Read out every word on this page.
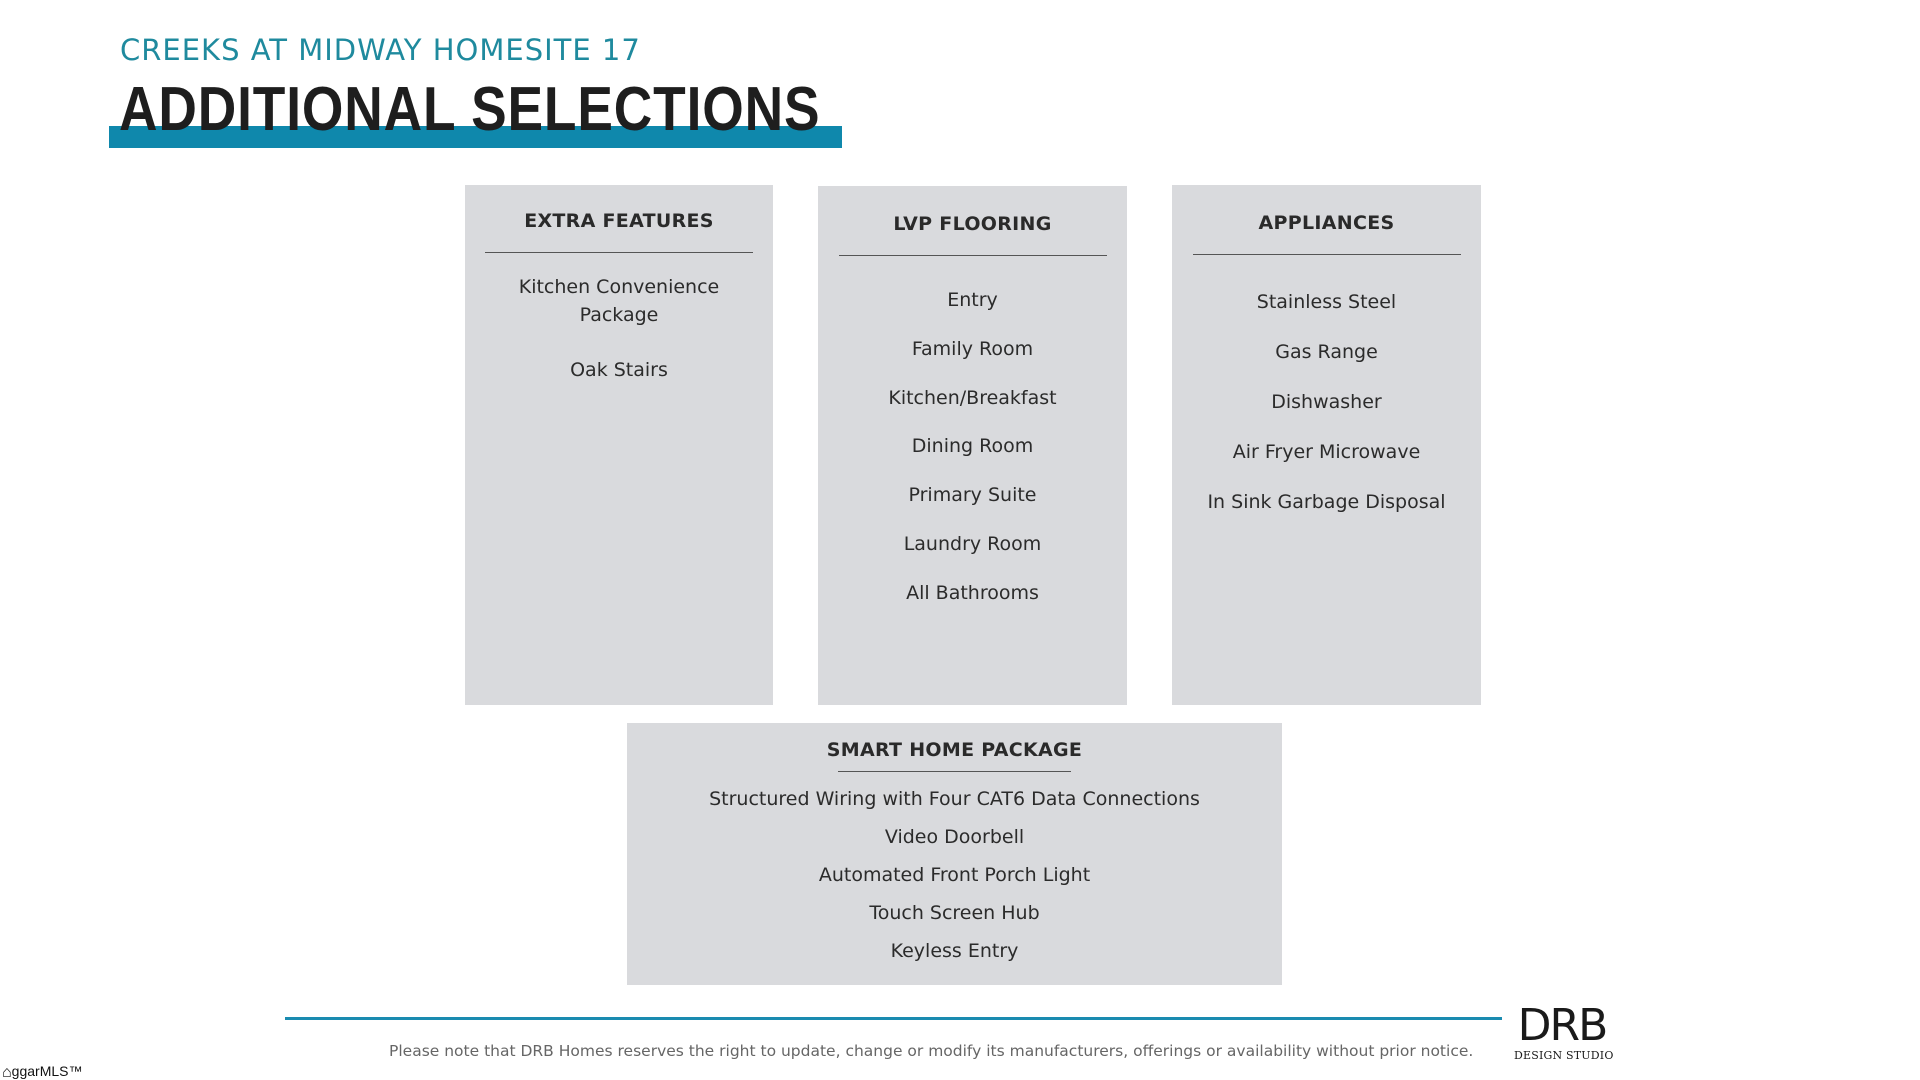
CREEKS AT MIDWAY HOMESITE 17
ADDITIONAL SELECTIONS
EXTRA FEATURES
Kitchen Convenience Package
Oak Stairs
LVP FLOORING
Entry
Family Room
Kitchen/Breakfast
Dining Room
Primary Suite
Laundry Room
All Bathrooms
APPLIANCES
Stainless Steel
Gas Range
Dishwasher
Air Fryer Microwave
In Sink Garbage Disposal
SMART HOME PACKAGE
Structured Wiring with Four CAT6 Data Connections
Video Doorbell
Automated Front Porch Light
Touch Screen Hub
Keyless Entry
Please note that DRB Homes reserves the right to update, change or modify its manufacturers, offerings or availability without prior notice. DRB
DESIGN STUDIO
⌂ggarMLS™
